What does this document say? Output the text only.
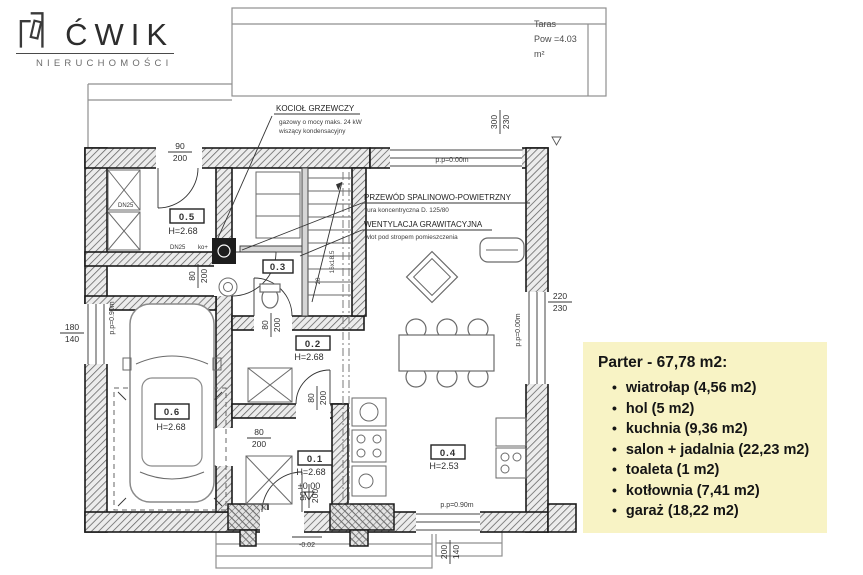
Taras
Pow =4.03
m²
KOCIOŁ GRZEWCZY
gazowy o mocy maks. 24 kW
wiszący kondensacyjny
PRZEWÓD SPALINOWO-POWIETRZNY
rura koncentryczna D. 125/80
WENTYLACJA GRAWITACYJNA
wlot pod stropem pomieszczenia
0.5
H=2.68
0.2
H=2.68
0.3
0.1
H=2.68
±0.00
0.4
H=2.53
0.6
H=2.68
90
200
300 230
220
230
180
140
200 140
90 200
80 200
80 200
80 200
80
200
p.p=0.00m
p.p=0.00m
p.p=0.90m
p.p=0.90m
-0.02
16x18.5
28
DN25
DN25 ko+
ĆWIK
NIERUCHOMOŚCI
Parter - 67,78 m2:
• wiatrołap (4,56 m2)
• hol (5 m2)
• kuchnia (9,36 m2)
• salon + jadalnia (22,23 m2)
• toaleta (1 m2)
• kotłownia (7,41 m2)
• garaż (18,22 m2)
